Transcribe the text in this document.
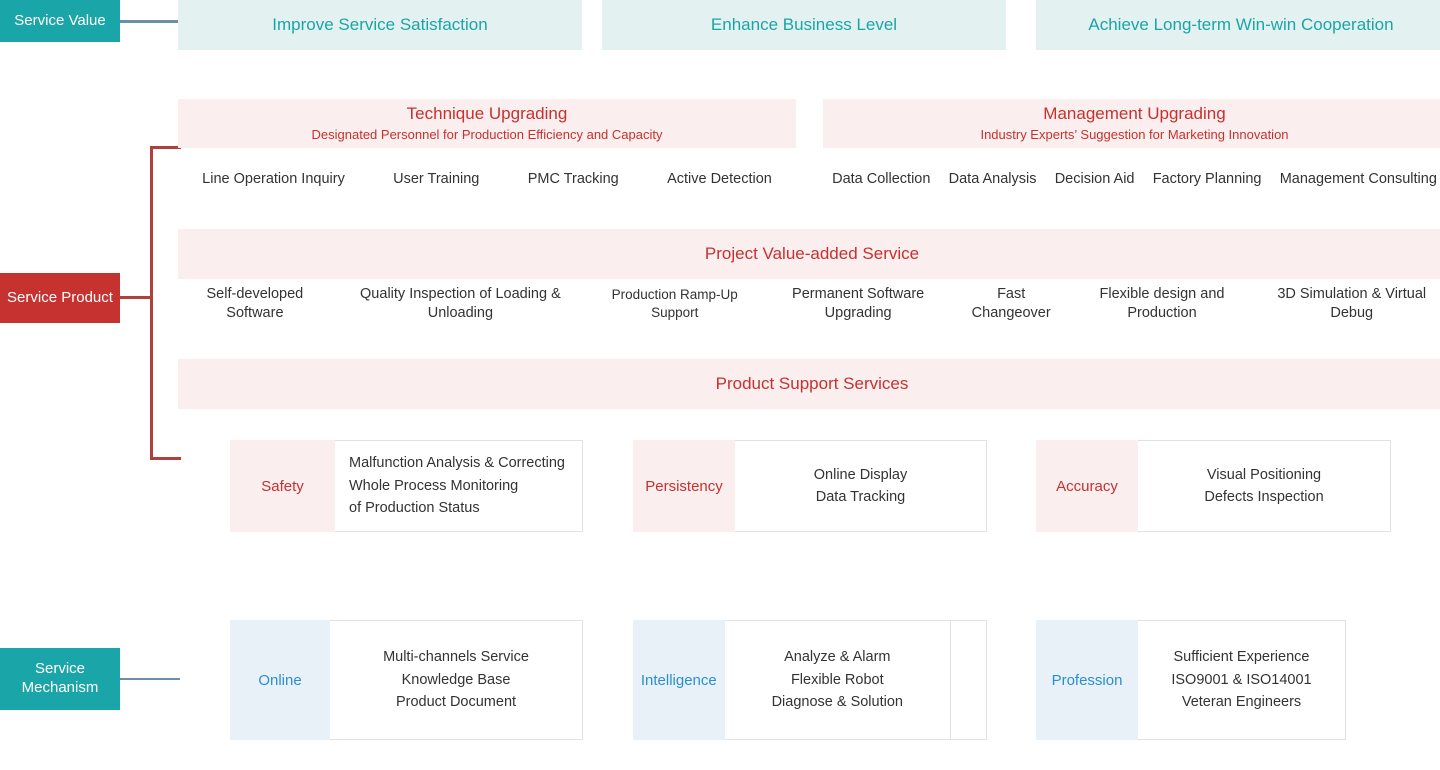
Service Value
Service Product
Service Mechanism
Improve Service Satisfaction	Enhance Business Level	Achieve Long-term Win-win Cooperation
Technique Upgrading
Designated Personnel for Production Efficiency and Capacity
Line Operation Inquiry	User Training	PMC Tracking	Active Detection
Management Upgrading
Industry Experts’ Suggestion for Marketing Innovation
Data Collection Data Analysis Decision Aid Factory Planning Management Consulting
Project Value-added Service
Self-developed Software
Quality Inspection of Loading & Unloading
Production Ramp-Up Support
Permanent Software Upgrading
Fast Changeover
Flexible design and Production
3D Simulation & Virtual Debug
Product Support Services
Safety
Malfunction Analysis & Correcting
Whole Process Monitoring
of Production Status
Persistency
Online Display
Data Tracking
Accuracy
Visual Positioning
Defects Inspection
Online
Multi-channels Service
Knowledge Base
Product Document
Intelligence
Analyze & Alarm
Flexible Robot
Diagnose & Solution
Profession
Sufficient Experience
ISO9001 & ISO14001
Veteran Engineers
